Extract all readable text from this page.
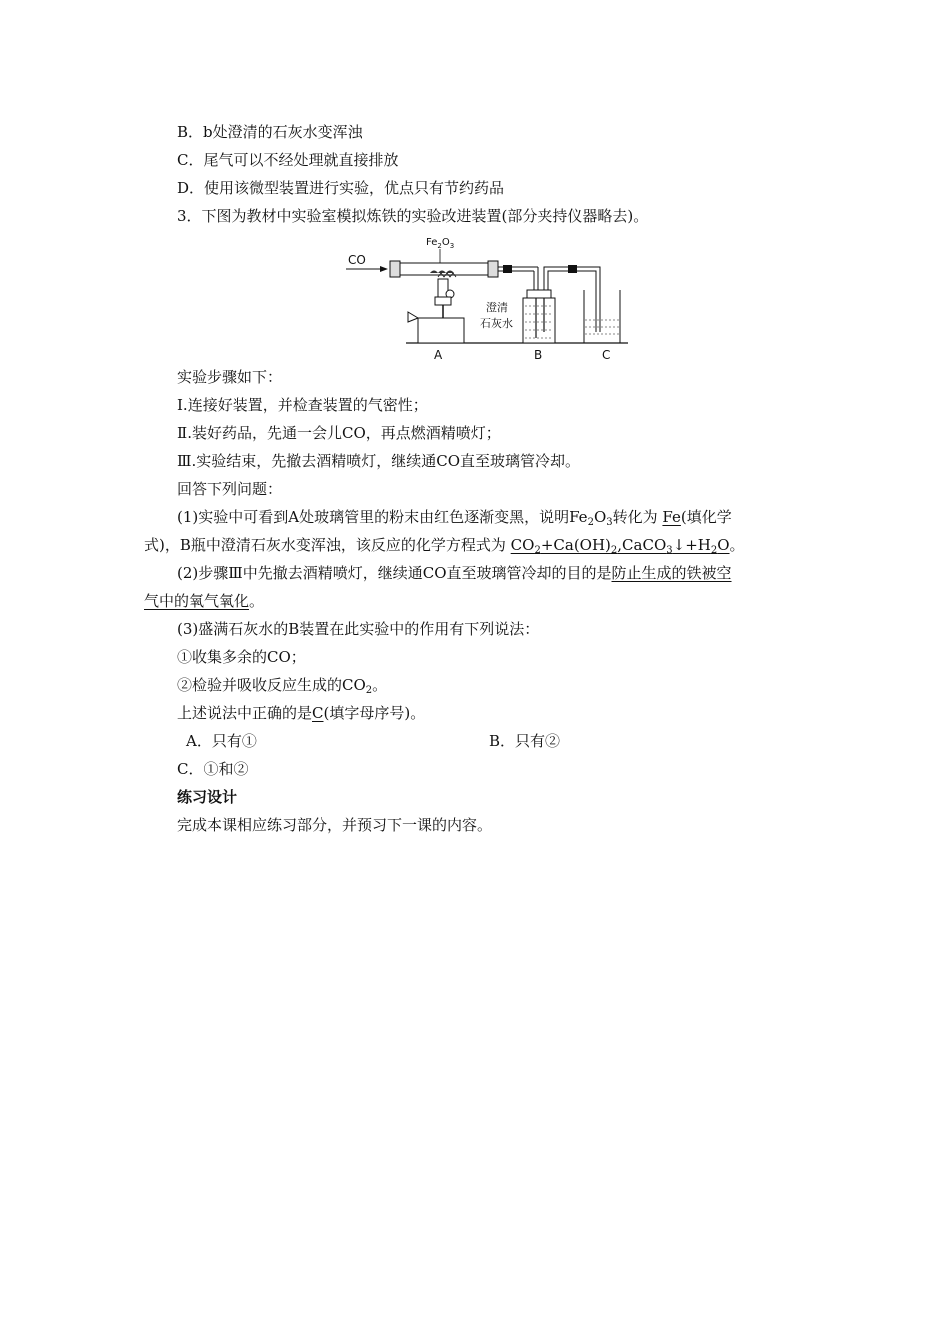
B．b处澄清的石灰水变浑浊
C．尾气可以不经处理就直接排放
D．使用该微型装置进行实验，优点只有节约药品
3．下图为教材中实验室模拟炼铁的实验改进装置(部分夹持仪器略去)。
CO
$Fe_2O_3$
澄清
石灰水
A	B	C
实验步骤如下：
Ⅰ.连接好装置，并检查装置的气密性；
Ⅱ.装好药品，先通一会儿CO，再点燃酒精喷灯；
Ⅲ.实验结束，先撤去酒精喷灯，继续通CO直至玻璃管冷却。
回答下列问题：
(1)实验中可看到A处玻璃管里的粉末由红色逐渐变黑，说明$Fe_2O_3$转化为 Fe(填化学
式)，B瓶中澄清石灰水变浑浊，该反应的化学方程式为 $CO_2+Ca(OH)_2,CaCO_3↓+H_2O$。
(2)步骤Ⅲ中先撤去酒精喷灯，继续通CO直至玻璃管冷却的目的是防止生成的铁被空
气中的氧气氧化。
(3)盛满石灰水的B装置在此实验中的作用有下列说法：
①收集多余的CO；
②检验并吸收反应生成的$CO_2$。
上述说法中正确的是C(填字母序号)。
A．只有①	B．只有②
C．①和②
练习设计
完成本课相应练习部分，并预习下一课的内容。
